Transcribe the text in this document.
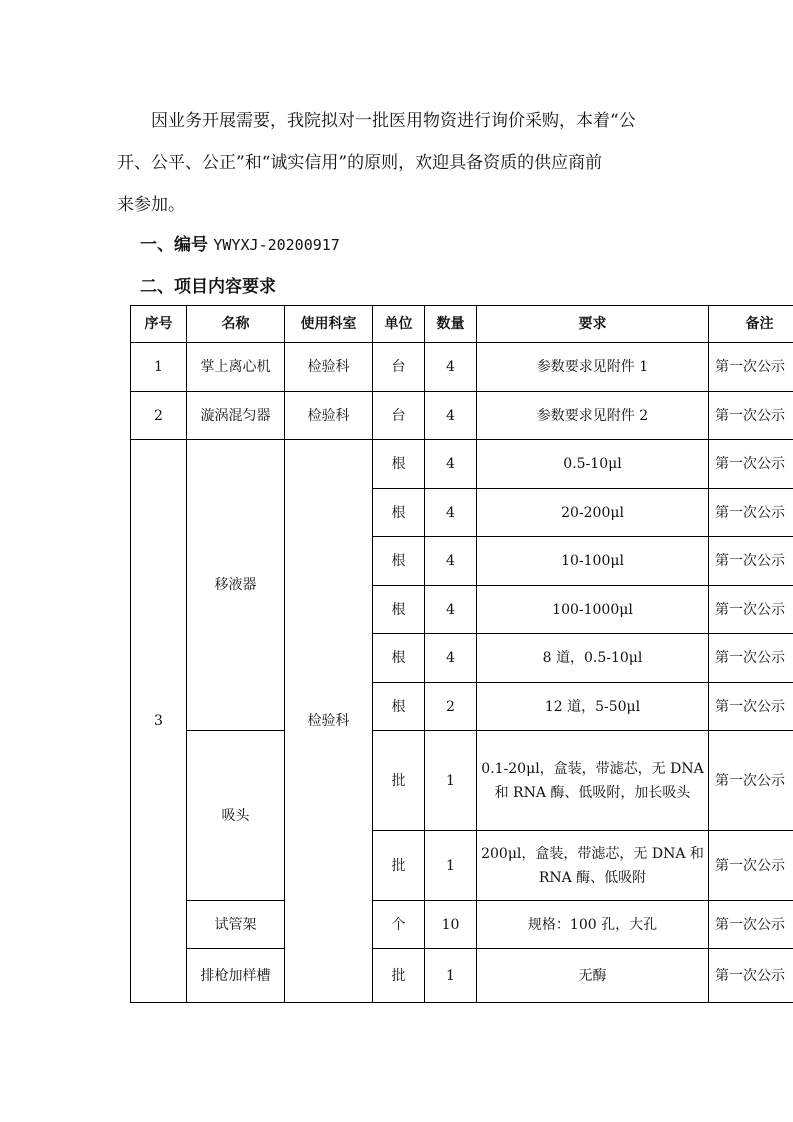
因业务开展需要，我院拟对一批医用物资进行询价采购，本着“公
开、公平、公正”和“诚实信用”的原则，欢迎具备资质的供应商前
来参加。
一、编号 YWYXJ-20200917
二、项目内容要求
序号	名称	使用科室	单位	数量	要求	备注
1	掌上离心机	检验科	台	4	参数要求见附件 1	第一次公示
2	漩涡混匀器	检验科	台	4	参数要求见附件 2	第一次公示
3	移液器	检验科	根	4	0.5-10μl	第一次公示
			根	4	20-200μl	第一次公示
			根	4	10-100μl	第一次公示
			根	4	100-1000μl	第一次公示
			根	4	8 道，0.5-10μl	第一次公示
			根	2	12 道，5-50μl	第一次公示
	吸头		批	1	0.1-20μl，盒装，带滤芯，无 DNA 和 RNA 酶、低吸附，加长吸头	第一次公示
			批	1	200μl，盒装，带滤芯，无 DNA 和 RNA 酶、低吸附	第一次公示
	试管架		个	10	规格：100 孔，大孔	第一次公示
	排枪加样槽		批	1	无酶	第一次公示
